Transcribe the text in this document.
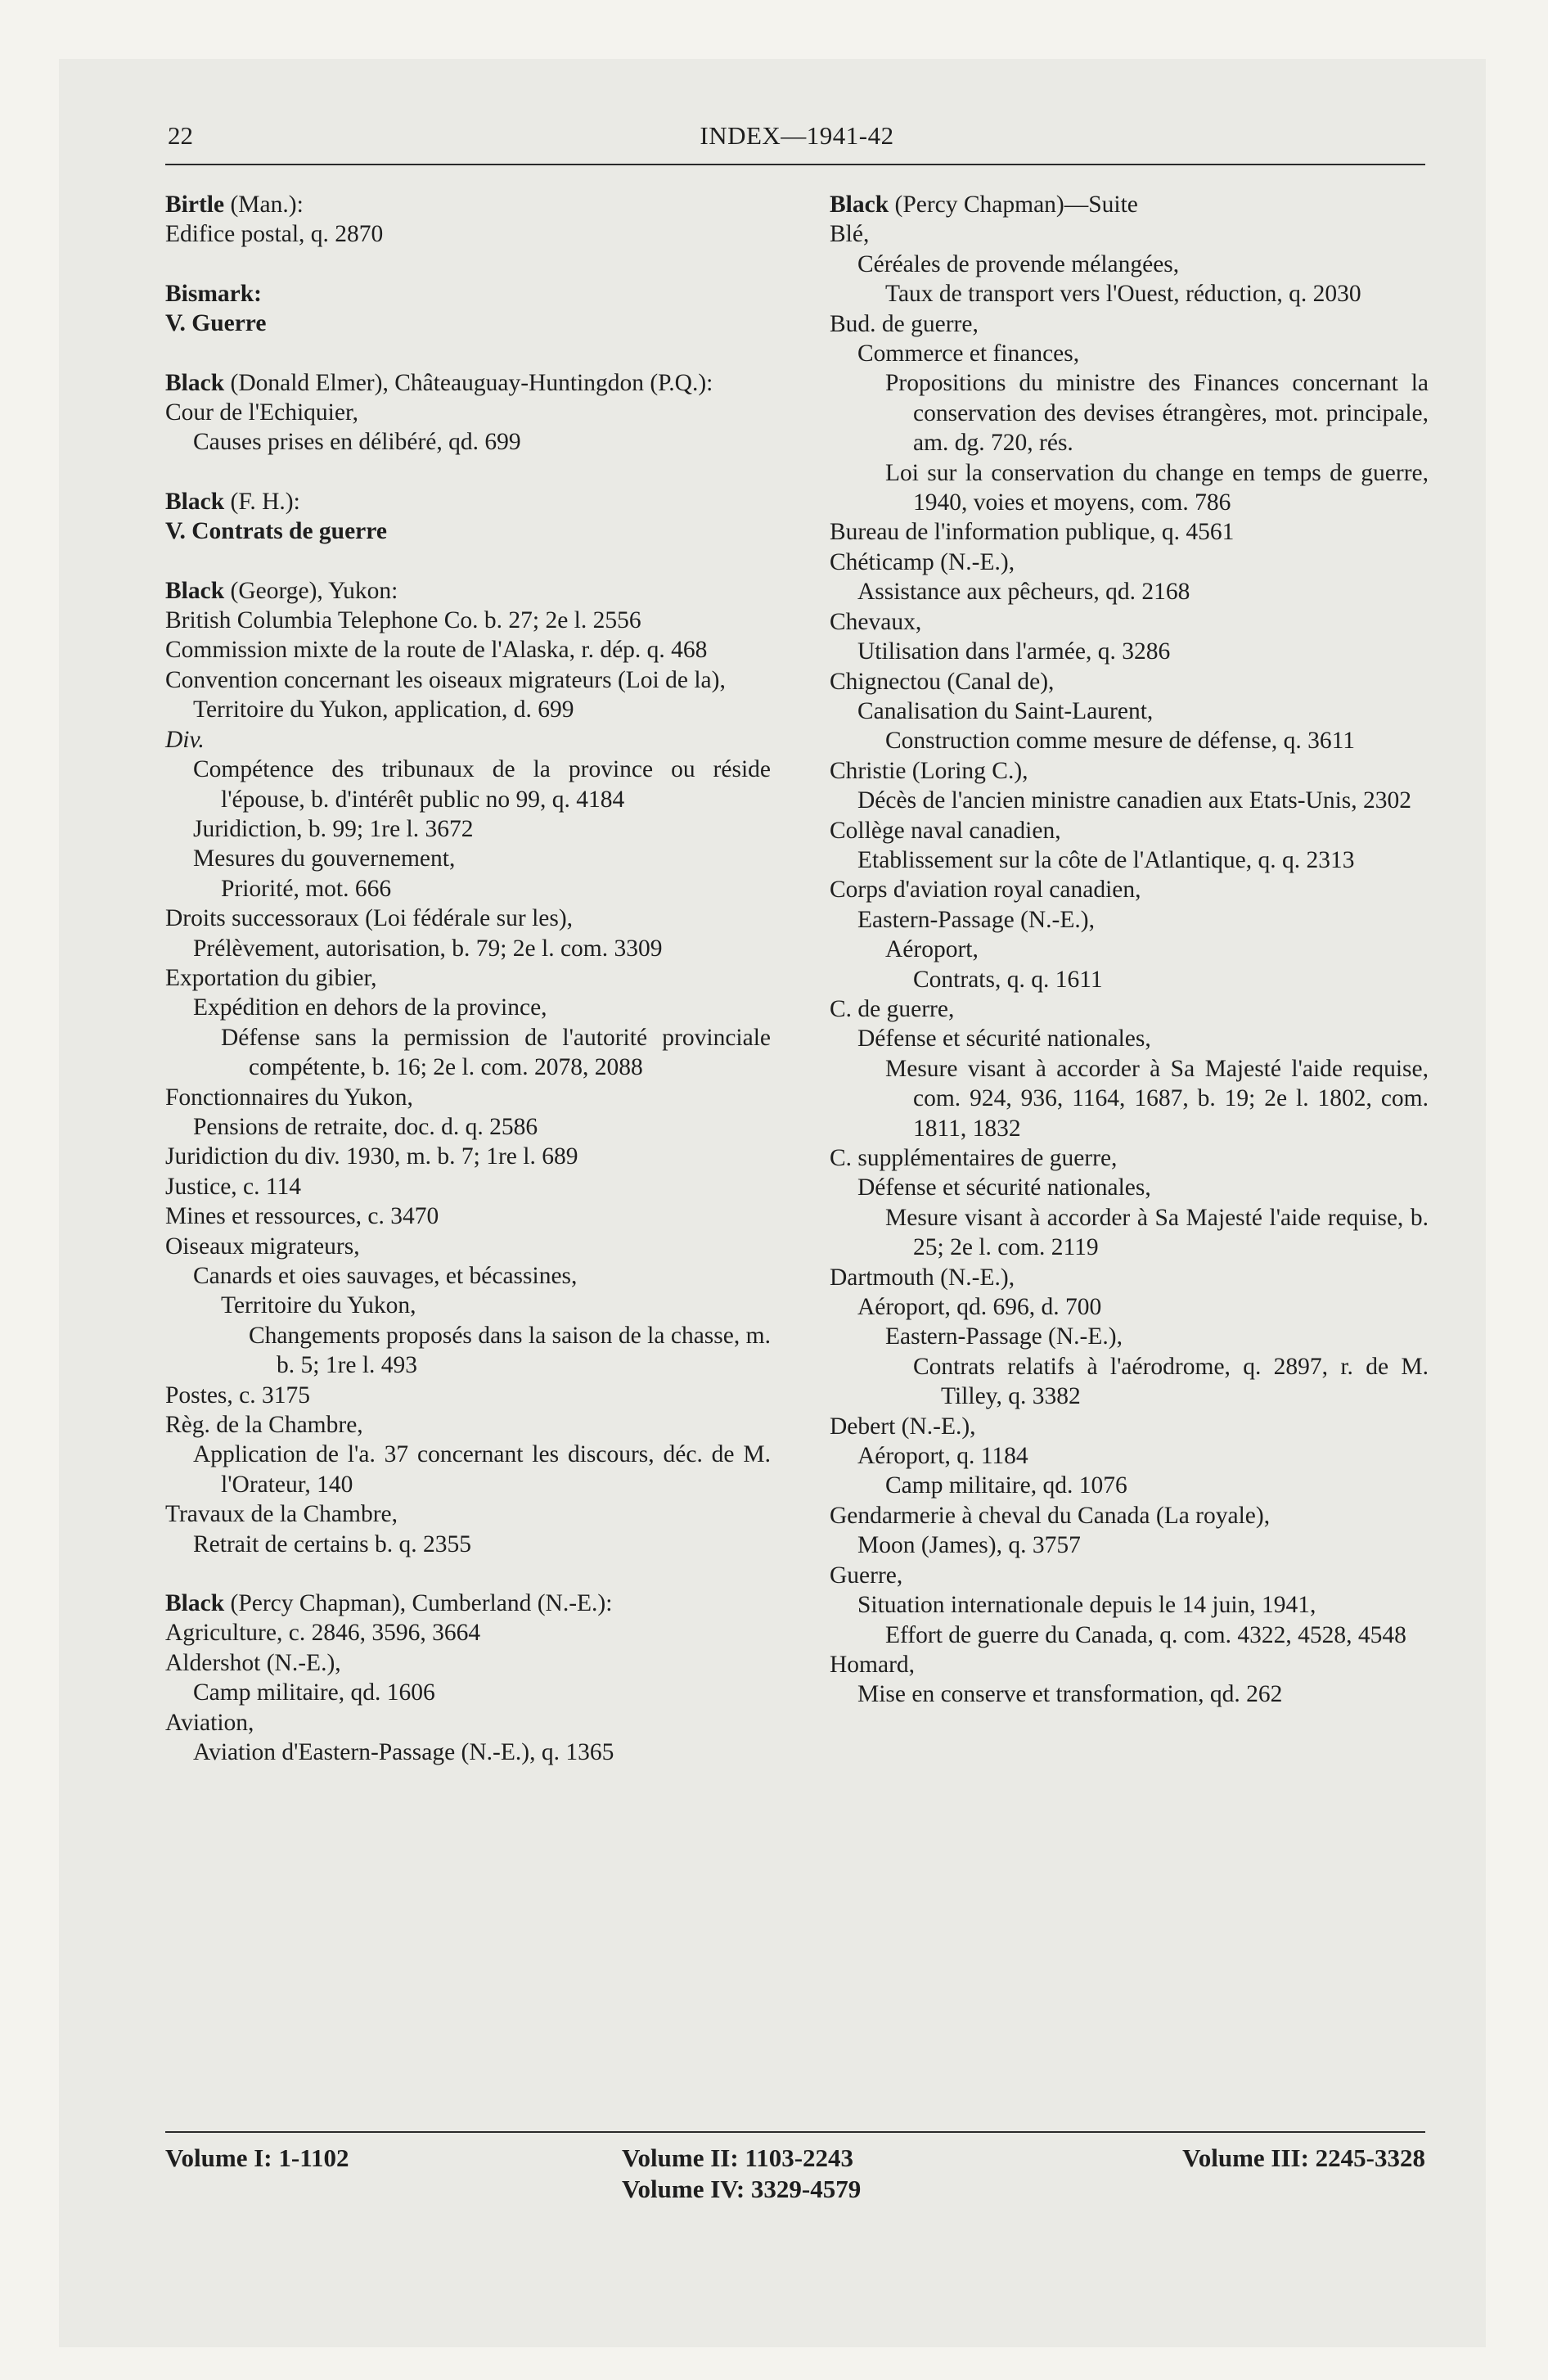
22	INDEX—1941-42
Birtle (Man.):
Edifice postal, q. 2870
Bismark:
V. Guerre
Black (Donald Elmer), Châteauguay-Huntingdon (P.Q.):
Cour de l'Echiquier,
Causes prises en délibéré, qd. 699
Black (F. H.):
V. Contrats de guerre
Black (George), Yukon:
British Columbia Telephone Co. b. 27; 2e l. 2556
Commission mixte de la route de l'Alaska, r. dép. q. 468
Convention concernant les oiseaux migrateurs (Loi de la),
Territoire du Yukon, application, d. 699
Div.
Compétence des tribunaux de la province ou réside l'épouse, b. d'intérêt public no 99, q. 4184
Juridiction, b. 99; 1re l. 3672
Mesures du gouvernement,
Priorité, mot. 666
Droits successoraux (Loi fédérale sur les),
Prélèvement, autorisation, b. 79; 2e l. com. 3309
Exportation du gibier,
Expédition en dehors de la province,
Défense sans la permission de l'autorité provinciale compétente, b. 16; 2e l. com. 2078, 2088
Fonctionnaires du Yukon,
Pensions de retraite, doc. d. q. 2586
Juridiction du div. 1930, m. b. 7; 1re l. 689
Justice, c. 114
Mines et ressources, c. 3470
Oiseaux migrateurs,
Canards et oies sauvages, et bécassines,
Territoire du Yukon,
Changements proposés dans la saison de la chasse, m. b. 5; 1re l. 493
Postes, c. 3175
Règ. de la Chambre,
Application de l'a. 37 concernant les discours, déc. de M. l'Orateur, 140
Travaux de la Chambre,
Retrait de certains b. q. 2355
Black (Percy Chapman), Cumberland (N.-E.):
Agriculture, c. 2846, 3596, 3664
Aldershot (N.-E.),
Camp militaire, qd. 1606
Aviation,
Aviation d'Eastern-Passage (N.-E.), q. 1365
Black (Percy Chapman)—Suite
Blé,
Céréales de provende mélangées,
Taux de transport vers l'Ouest, réduction, q. 2030
Bud. de guerre,
Commerce et finances,
Propositions du ministre des Finances concernant la conservation des devises étrangères, mot. principale, am. dg. 720, rés.
Loi sur la conservation du change en temps de guerre, 1940, voies et moyens, com. 786
Bureau de l'information publique, q. 4561
Chéticamp (N.-E.),
Assistance aux pêcheurs, qd. 2168
Chevaux,
Utilisation dans l'armée, q. 3286
Chignectou (Canal de),
Canalisation du Saint-Laurent,
Construction comme mesure de défense, q. 3611
Christie (Loring C.),
Décès de l'ancien ministre canadien aux Etats-Unis, 2302
Collège naval canadien,
Etablissement sur la côte de l'Atlantique, q. q. 2313
Corps d'aviation royal canadien,
Eastern-Passage (N.-E.),
Aéroport,
Contrats, q. q. 1611
C. de guerre,
Défense et sécurité nationales,
Mesure visant à accorder à Sa Majesté l'aide requise, com. 924, 936, 1164, 1687, b. 19; 2e l. 1802, com. 1811, 1832
C. supplémentaires de guerre,
Défense et sécurité nationales,
Mesure visant à accorder à Sa Majesté l'aide requise, b. 25; 2e l. com. 2119
Dartmouth (N.-E.),
Aéroport, qd. 696, d. 700
Eastern-Passage (N.-E.),
Contrats relatifs à l'aérodrome, q. 2897, r. de M. Tilley, q. 3382
Debert (N.-E.),
Aéroport, q. 1184
Camp militaire, qd. 1076
Gendarmerie à cheval du Canada (La royale),
Moon (James), q. 3757
Guerre,
Situation internationale depuis le 14 juin, 1941,
Effort de guerre du Canada, q. com. 4322, 4528, 4548
Homard,
Mise en conserve et transformation, qd. 262
Volume I: 1-1102	Volume II: 1103-2243
Volume IV: 3329-4579
Volume III: 2245-3328
